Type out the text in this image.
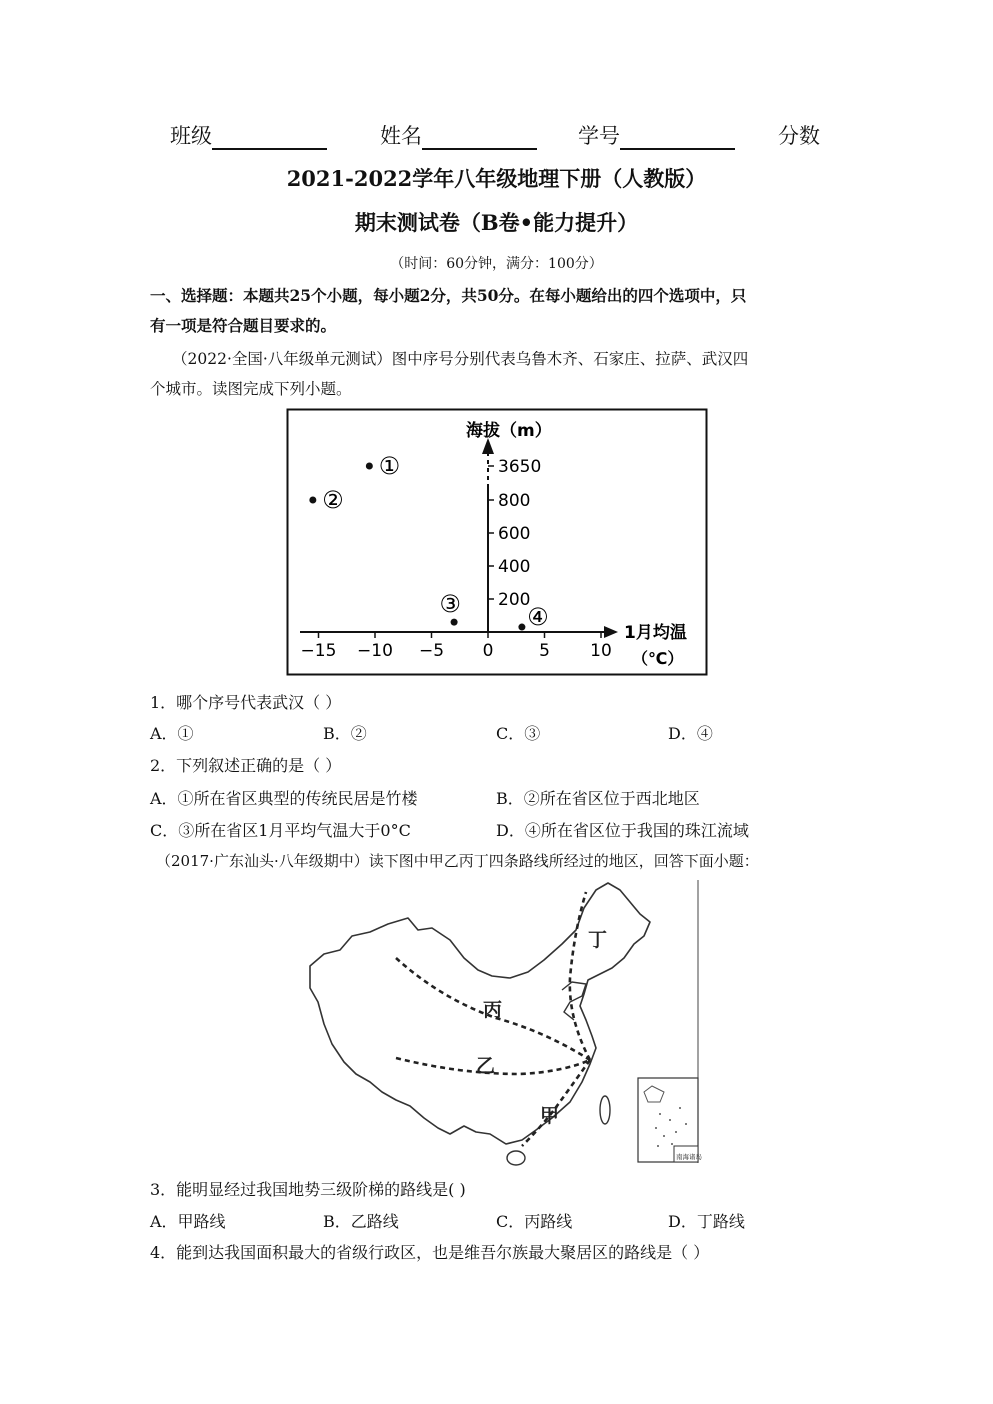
班级	姓名	学号	分数
2021-2022学年八年级地理下册（人教版）
期末测试卷（B卷•能力提升）
（时间：60分钟，满分：100分）
一、选择题：本题共25个小题，每小题2分，共50分。在每小题给出的四个选项中，只
有一项是符合题目要求的。
（2022·全国·八年级单元测试）图中序号分别代表乌鲁木齐、石家庄、拉萨、武汉四
个城市。读图完成下列小题。
海拔（m）
1月均温
（℃）
−15 −10 −5 0	5 10
200
400
600
800
3650
①
②
③	④
1．哪个序号代表武汉（ ）
A．①	B．②	C．③	D．④
2．下列叙述正确的是（ ）
A．①所在省区典型的传统民居是竹楼	B．②所在省区位于西北地区
C．③所在省区1月平均气温大于0°C	D．④所在省区位于我国的珠江流域
（2017·广东汕头·八年级期中）读下图中甲乙丙丁四条路线所经过的地区，回答下面小题：
丙
乙
甲
丁
南海诸岛
3．能明显经过我国地势三级阶梯的路线是( )
A．甲路线	B．乙路线	C．丙路线	D．丁路线
4．能到达我国面积最大的省级行政区，也是维吾尔族最大聚居区的路线是（ ）
